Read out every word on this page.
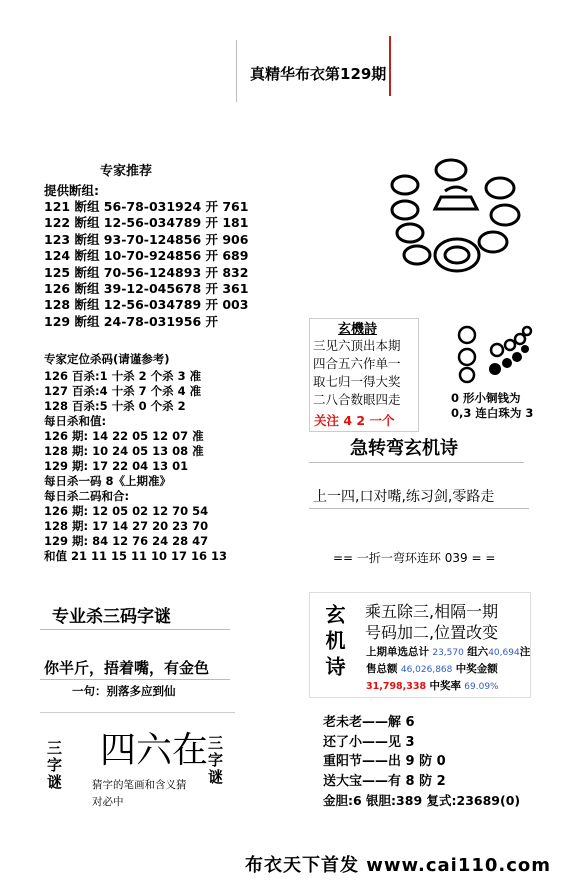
真精华布衣第129期
专家推荐
提供断组:
121 断组 56-78-031924 开 761
122 断组 12-56-034789 开 181
123 断组 93-70-124856 开 906
124 断组 10-70-924856 开 689
125 断组 70-56-124893 开 832
126 断组 39-12-045678 开 361
128 断组 12-56-034789 开 003
129 断组 24-78-031956 开
专家定位杀码(请谨参考)
126 百杀:1 十杀 2 个杀 3 准
127 百杀:4 十杀 7 个杀 4 准
128 百杀:5 十杀 0 个杀 2
每日杀和值:
126 期: 14 22 05 12 07 准
128 期: 10 24 05 13 08 准
129 期: 17 22 04 13 01
每日杀一码 8《上期准》
每日杀二码和合:
126 期: 12 05 02 12 70 54
128 期: 17 14 27 20 23 70
129 期: 84 12 76 24 28 47
和值 21 11 15 11 10 17 16 13
专业杀三码字谜
你半斤，捂着嘴，有金色
一句：别落多应到仙
三字谜 四六在
三字谜
猜字的笔画和含义猜
对必中
玄機詩
三见六顶出本期
四合五六作单一
取七归一得大奖
二八合数眼四走
关注 4 2 一个
0 形小铜钱为
0,3 连白珠为 3
急转弯玄机诗
上一四,口对嘴,练习剑,零路走
== 一折一弯环连环 039 = =
玄机诗 乘五除三,相隔一期
号码加二,位置改变
上期单选总计 23,570 组六40,694注
售总额 46,026,868 中奖金额
31,798,338 中奖率 69.09%
老未老——解 6
还了小——见 3
重阳节——出 9 防 0
送大宝——有 8 防 2
金胆:6 银胆:389 复式:23689(0)
布衣天下首发 www.cai110.com
